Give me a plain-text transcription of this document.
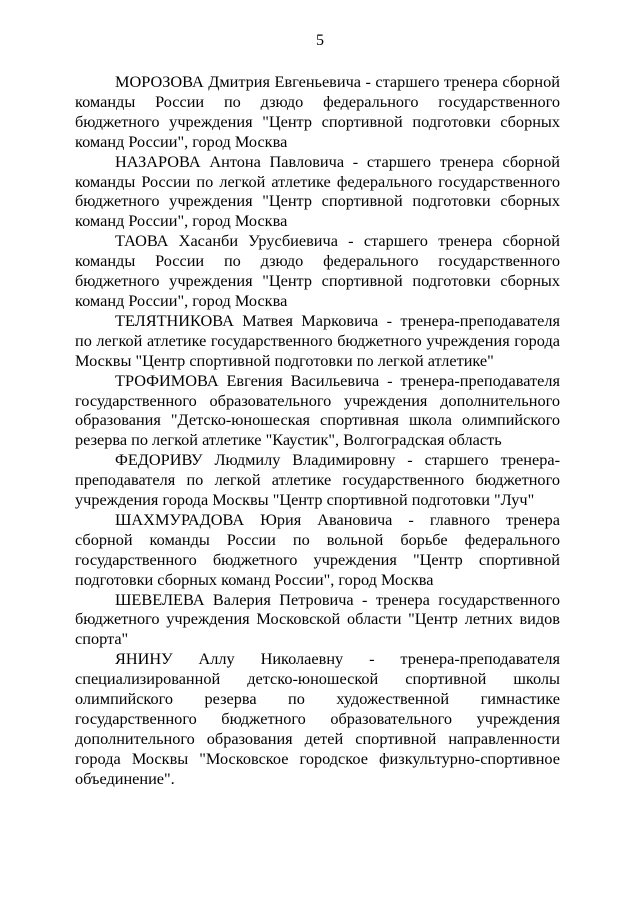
5

МОРОЗОВА Дмитрия Евгеньевича - старшего тренера сборной команды России по дзюдо федерального государственного бюджетного учреждения "Центр спортивной подготовки сборных команд России", город Москва

НАЗАРОВА Антона Павловича - старшего тренера сборной команды России по легкой атлетике федерального государственного бюджетного учреждения "Центр спортивной подготовки сборных команд России", город Москва

ТАОВА Хасанби Урусбиевича - старшего тренера сборной команды России по дзюдо федерального государственного бюджетного учреждения "Центр спортивной подготовки сборных команд России", город Москва

ТЕЛЯТНИКОВА Матвея Марковича - тренера-преподавателя по легкой атлетике государственного бюджетного учреждения города Москвы "Центр спортивной подготовки по легкой атлетике"

ТРОФИМОВА Евгения Васильевича - тренера-преподавателя государственного образовательного учреждения дополнительного образования "Детско-юношеская спортивная школа олимпийского резерва по легкой атлетике "Каустик", Волгоградская область

ФЕДОРИВУ Людмилу Владимировну - старшего тренера-преподавателя по легкой атлетике государственного бюджетного учреждения города Москвы "Центр спортивной подготовки "Луч"

ШАХМУРАДОВА Юрия Авановича - главного тренера сборной команды России по вольной борьбе федерального государственного бюджетного учреждения "Центр спортивной подготовки сборных команд России", город Москва

ШЕВЕЛЕВА Валерия Петровича - тренера государственного бюджетного учреждения Московской области "Центр летних видов спорта"

ЯНИНУ Аллу Николаевну - тренера-преподавателя специализированной детско-юношеской спортивной школы олимпийского резерва по художественной гимнастике государственного бюджетного образовательного учреждения дополнительного образования детей спортивной направленности города Москвы "Московское городское физкультурно-спортивное объединение".
